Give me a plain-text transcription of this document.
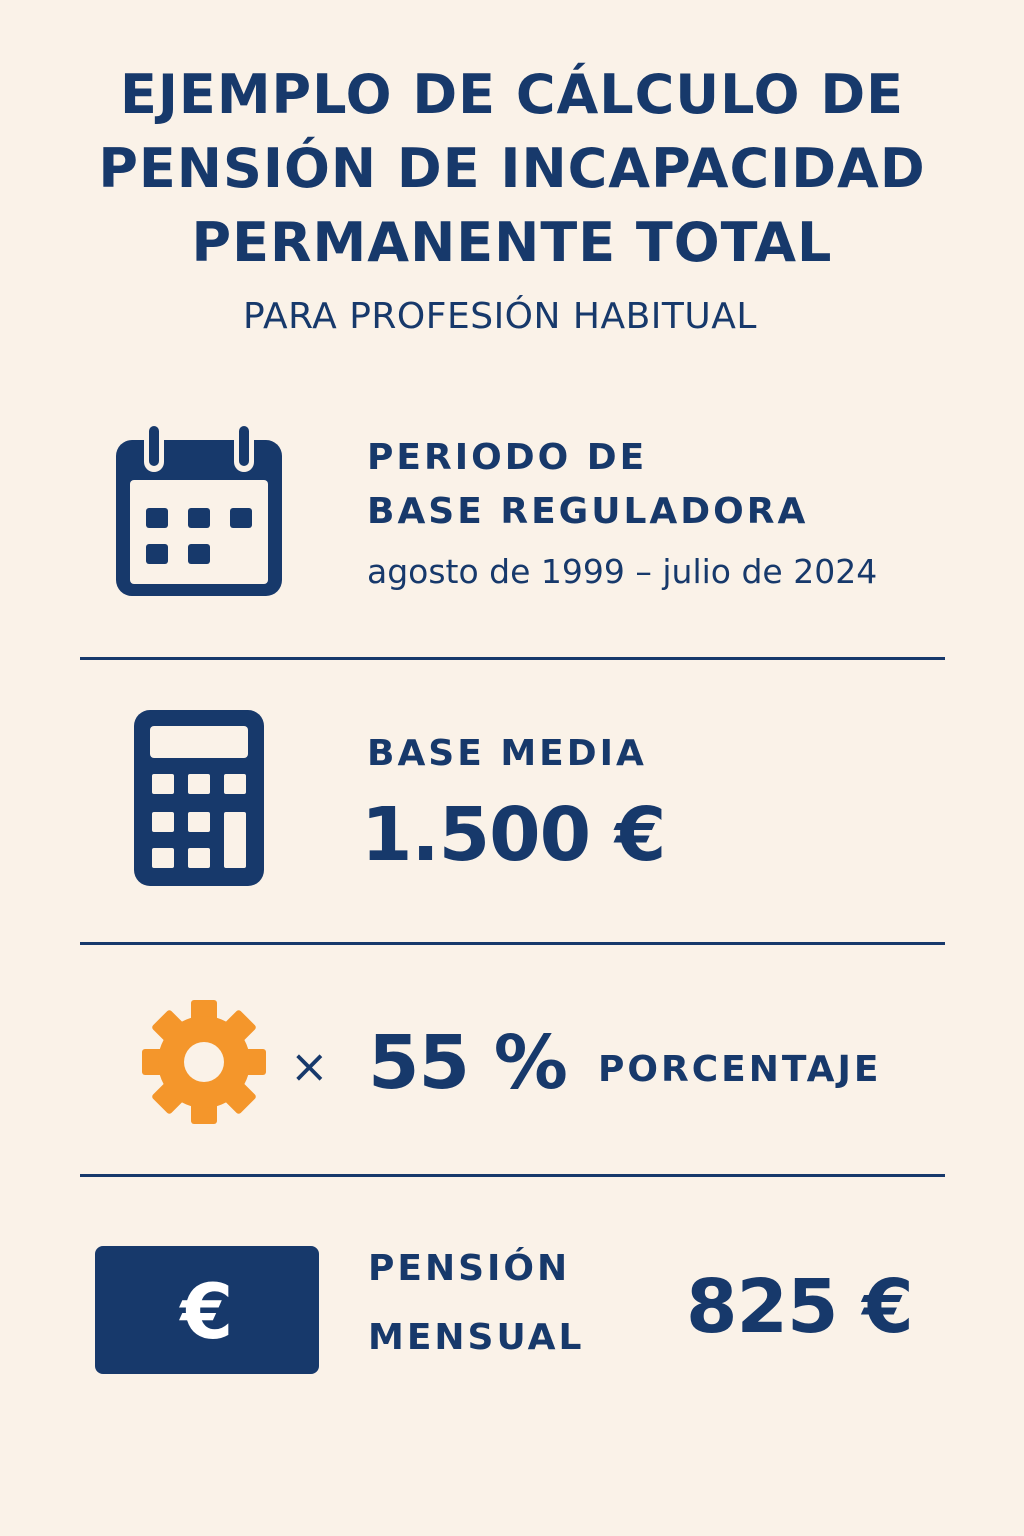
EJEMPLO DE CÁLCULO DE
PENSIÓN DE INCAPACIDAD
PERMANENTE TOTAL
PARA PROFESIÓN HABITUAL
PERIODO DE
BASE REGULADORA
agosto de 1999 – julio de 2024
BASE MEDIA
1.500 €
× 55 % PORCENTAJE
€	PENSIÓN
MENSUAL 825 €
